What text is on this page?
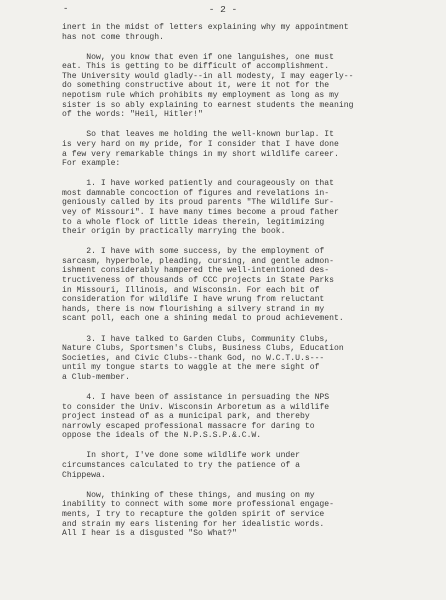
-	- 2 -

inert in the midst of letters explaining why my appointment
has not come through.

Now, you know that even if one languishes, one must
eat. This is getting to be difficult of accomplishment.
The University would gladly--in all modesty, I may eagerly--
do something constructive about it, were it not for the
nepotism rule which prohibits my employment as long as my
sister is so ably explaining to earnest students the meaning
of the words: "Heil, Hitler!"

So that leaves me holding the well-known burlap. It
is very hard on my pride, for I consider that I have done
a few very remarkable things in my short wildlife career.
For example:

1. I have worked patiently and courageously on that
most damnable concoction of figures and revelations in-
geniously called by its proud parents "The Wildlife Sur-
vey of Missouri". I have many times become a proud father
to a whole flock of little ideas therein, legitimizing
their origin by practically marrying the book.

2. I have with some success, by the employment of
sarcasm, hyperbole, pleading, cursing, and gentle admon-
ishment considerably hampered the well-intentioned des-
tructiveness of thousands of CCC projects in State Parks
in Missouri, Illinois, and Wisconsin. For each bit of
consideration for wildlife I have wrung from reluctant
hands, there is now flourishing a silvery strand in my
scant poll, each one a shining medal to proud achievement.

3. I have talked to Garden Clubs, Community Clubs,
Nature Clubs, Sportsmen's Clubs, Business Clubs, Education
Societies, and Civic Clubs--thank God, no W.C.T.U.s---
until my tongue starts to waggle at the mere sight of
a Club-member.

4. I have been of assistance in persuading the NPS
to consider the Univ. Wisconsin Arboretum as a wildlife
project instead of as a municipal park, and thereby
narrowly escaped professional massacre for daring to
oppose the ideals of the N.P.S.S.P.&.C.W.

In short, I've done some wildlife work under
circumstances calculated to try the patience of a
Chippewa.

Now, thinking of these things, and musing on my
inability to connect with some more professional engage-
ments, I try to recapture the golden spirit of service
and strain my ears listening for her idealistic words.
All I hear is a disgusted "So What?"
